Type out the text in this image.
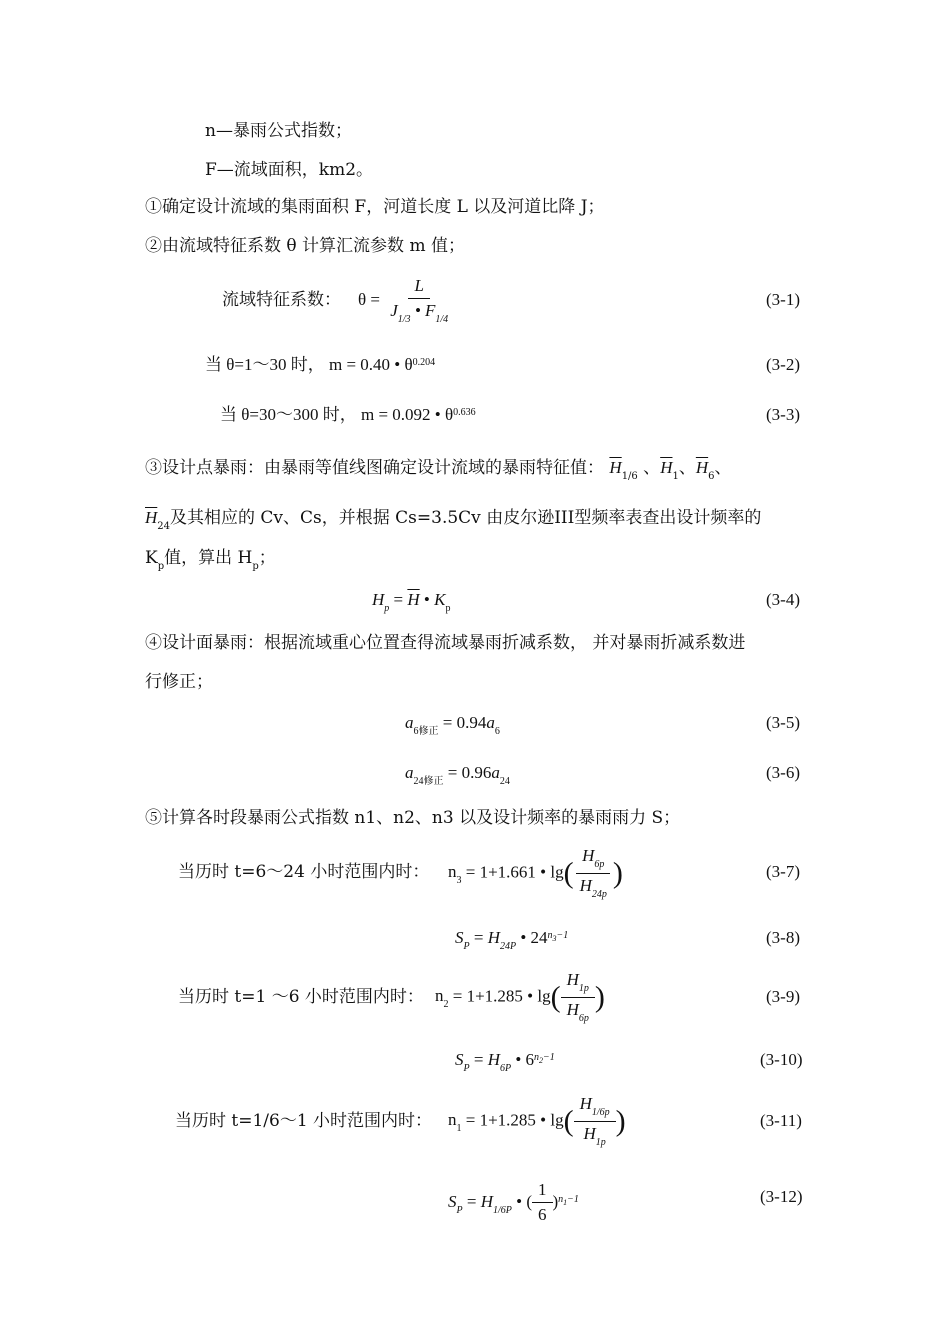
n—暴雨公式指数；
F—流域面积，km2。
①确定设计流域的集雨面积 F，河道长度 L 以及河道比降 J；
②由流域特征系数 θ 计算汇流参数 m 值；
流域特征系数： $\theta = \frac{L}{J_{1/3} • F_{1/4}}$	(3-1)
当 θ=1～30 时， m = 0.40 • $\theta^{0.204}$	(3-2)
当 θ=30～300 时， m = 0.092 • $\theta^{0.636}$	(3-3)
③设计点暴雨：由暴雨等值线图确定设计流域的暴雨特征值： $\overline{H}_{1/6}$ 、$\overline{H}_1$、$\overline{H}_6$、
$\overline{H}_{24}$及其相应的 Cv、Cs，并根据 Cs=3.5Cv 由皮尔逊III型频率表查出设计频率的
$K_p$值，算出 $H_p$；
$H_p = \overline{H}$ • $K_p$	(3-4)
④设计面暴雨：根据流域重心位置查得流域暴雨折减系数， 并对暴雨折减系数进
行修正；
$a_{6修正} = 0.94a_6$	(3-5)
$a_{24修正} = 0.96a_{24}$	(3-6)
⑤计算各时段暴雨公式指数 n1、n2、n3 以及设计频率的暴雨雨力 S；
当历时 t=6～24 小时范围内时： $n_3 = 1+1.661$ • $\lg( \frac{H_{6p}}{H_{24p}}$ )	(3-7)
$S_P = H_{24P}$ • $24^{n_3-1}$	(3-8)
当历时 t=1 ～6 小时范围内时： $n_2 = 1+1.285$ • $\lg( \frac{H_{1p}}{H_{6p}}$ )	(3-9)
$S_P = H_{6P}$ • $6^{n_2-1}$	(3-10)
当历时 t=1/6～1 小时范围内时： $n_1 = 1+1.285$ • $\lg( \frac{H_{1/6p}}{H_{1p}}$ )	(3-11)
$S_P = H_{1/6P}$ • ( $\frac{1}{6} )^{n_1-1}$	(3-12)
